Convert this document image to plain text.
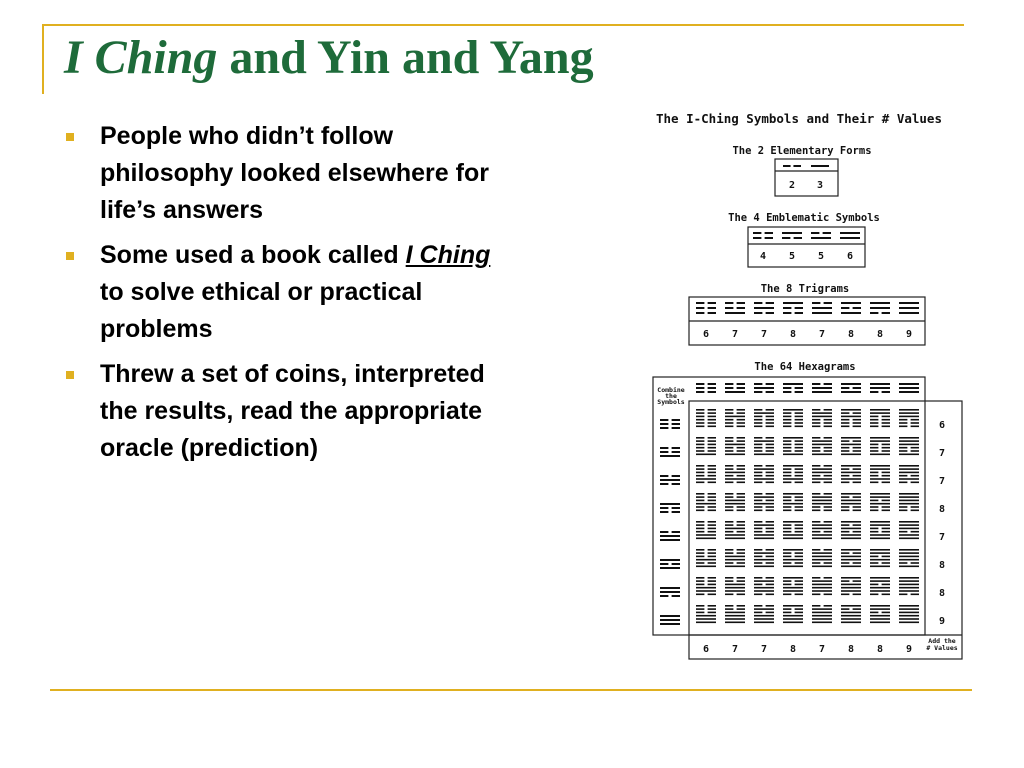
I Ching and Yin and Yang
People who didn’t follow philosophy looked elsewhere for life’s answers
Some used a book called I Ching to solve ethical or practical problems
Threw a set of coins, interpreted the results, read the appropriate oracle (prediction)
The I-Ching Symbols and Their # Values
The 2 Elementary Forms
2 3
The 4 Emblematic Symbols
4 5 5 6
The 8 Trigrams
6 7 7 8 7 8 8 9
The 64 Hexagrams
6
7
7
8
7
8
8
9
6 7 7 8 7 8 8 9
Combine
the
Symbols
Add the
# Values
